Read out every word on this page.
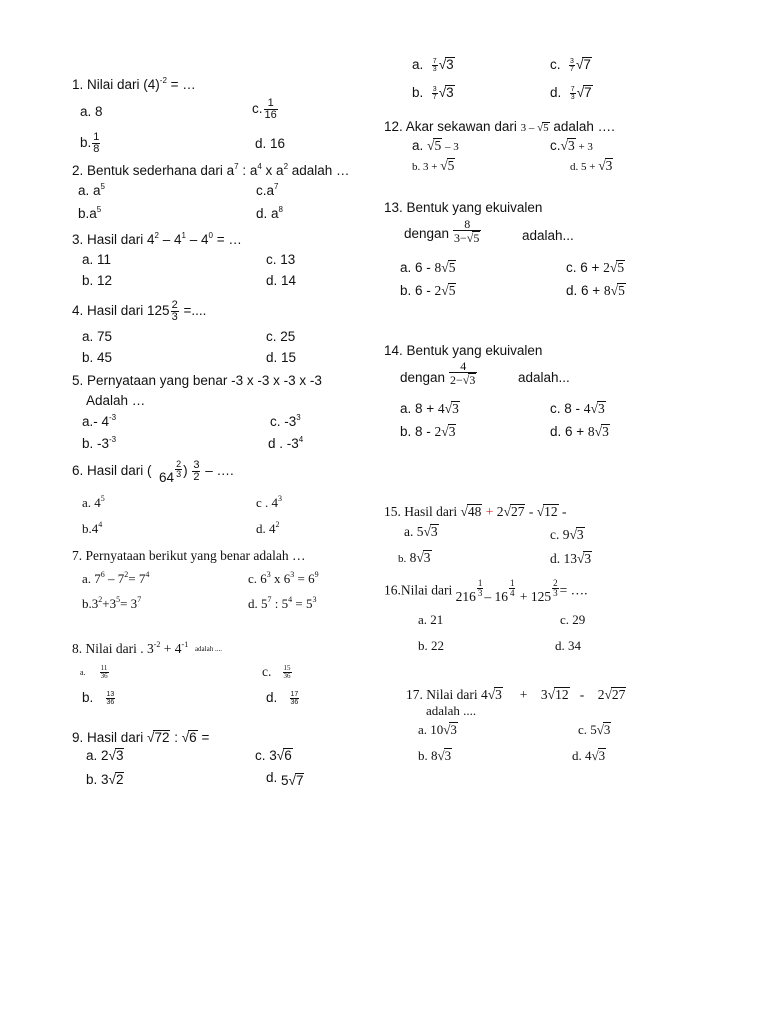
1. Nilai dari $(4)^{-2}$ = …
a. 8	c. $\frac{1}{16}$
b. $\frac{1}{8}$	d. 16
2. Bentuk sederhana dari $a^7$ : $a^4$ x $a^2$ adalah …
a. $a^5$	$c.a^7$
$b.a^5$	d. $a^8$
3. Hasil dari $4^2 - 4^1 - 4^0$ = …
a. 11	c. 13
b. 12	d. 14
4. Hasil dari $125 \frac{2}{3}$ =....
a. 75	c. 25
b. 45	d. 15
5. Pernyataan yang benar -3 x -3 x -3 x -3
Adalah …
a.- $4^{-3}$	c. $-3^3$
b. $-3^{-3}$	d . $-3^4$
6. Hasil dari ( $64 \frac{2}{3}$ ) $\frac{3}{2}$ – ….
a. $4^5$	c . $4^3$
$b.4^4$	d. $4^2$
7. Pernyataan berikut yang benar adalah …
a. $7^6 - 7^2= 7^4$	c. $6^3$ x $6^3 = 6^9$
$b.3^2+3^5= 3^7$	d. $5^7$ : $5^4 = 5^3$
8. Nilai dari . $3^{-2} + 4^{-1}$ adalah ....
a. $\frac{11}{36}$	c. $\frac{15}{36}$
b. $\frac{13}{36}$	d. $\frac{17}{36}$
9. Hasil dari √72 : √6 =
a. 2√3	c. 3√6
b. 3√2	d. 5√7
a. $\frac{7}{3} √3$	c. $\frac{3}{7} √7$
b. $\frac{3}{7} √3$	d. $\frac{7}{3} √7$
12. Akar sekawan dari 3 – √5 adalah ….
a. √5 – 3	c.√3 + 3
b. 3 + √5	d. 5 + √3
13. Bentuk yang ekuivalen
dengan $\frac{8}{3-√5}$	adalah...
a. 6 - 8√5	c. 6 + 2√5
b. 6 - 2√5	d. 6 + 8√5
14. Bentuk yang ekuivalen
dengan $\frac{4}{2-√3}$	adalah...
a. 8 + 4√3	c. 8 - 4√3
b. 8 - 2√3	d. 6 + 8√3
15. Hasil dari √48 + 2√27 - √12 -
a. 5√3	c. 9√3
b. 8√3	d. 13√3
16.Nilai dari $216 \frac{1}{3} - 16 \frac{1}{4} + 125 \frac{2}{3}$ = ….
a. 21	c. 29
b. 22	d. 34
17. Nilai dari 4√3     +    3√12   -    2√27
adalah ....
a. 10√3	c. 5√3
b. 8√3	d. 4√3
